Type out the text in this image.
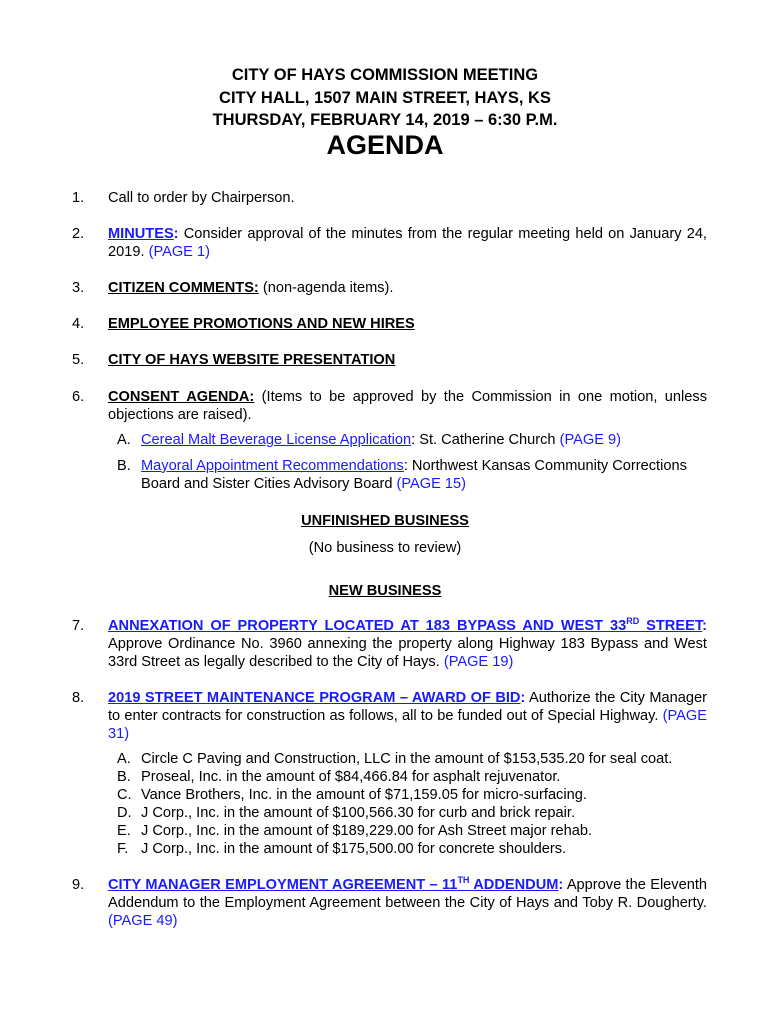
CITY OF HAYS COMMISSION MEETING
CITY HALL, 1507 MAIN STREET, HAYS, KS
THURSDAY, FEBRUARY 14, 2019 – 6:30 P.M.
AGENDA
1.	Call to order by Chairperson.
2.	MINUTES: Consider approval of the minutes from the regular meeting held on January 24, 2019. (PAGE 1)
3.	CITIZEN COMMENTS: (non-agenda items).
4.	EMPLOYEE PROMOTIONS AND NEW HIRES
5.	CITY OF HAYS WEBSITE PRESENTATION
6.	CONSENT AGENDA: (Items to be approved by the Commission in one motion, unless objections are raised).
A. Cereal Malt Beverage License Application: St. Catherine Church (PAGE 9)
B. Mayoral Appointment Recommendations: Northwest Kansas Community Corrections Board and Sister Cities Advisory Board (PAGE 15)
UNFINISHED BUSINESS
(No business to review)
NEW BUSINESS
7.	ANNEXATION OF PROPERTY LOCATED AT 183 BYPASS AND WEST 33RD STREET: Approve Ordinance No. 3960 annexing the property along Highway 183 Bypass and West 33rd Street as legally described to the City of Hays. (PAGE 19)
8.	2019 STREET MAINTENANCE PROGRAM – AWARD OF BID: Authorize the City Manager to enter contracts for construction as follows, all to be funded out of Special Highway. (PAGE 31)
A. Circle C Paving and Construction, LLC in the amount of $153,535.20 for seal coat.
B. Proseal, Inc. in the amount of $84,466.84 for asphalt rejuvenator.
C. Vance Brothers, Inc. in the amount of $71,159.05 for micro-surfacing.
D. J Corp., Inc. in the amount of $100,566.30 for curb and brick repair.
E. J Corp., Inc. in the amount of $189,229.00 for Ash Street major rehab.
F. J Corp., Inc. in the amount of $175,500.00 for concrete shoulders.
9.	CITY MANAGER EMPLOYMENT AGREEMENT – 11TH ADDENDUM: Approve the Eleventh Addendum to the Employment Agreement between the City of Hays and Toby R. Dougherty. (PAGE 49)
